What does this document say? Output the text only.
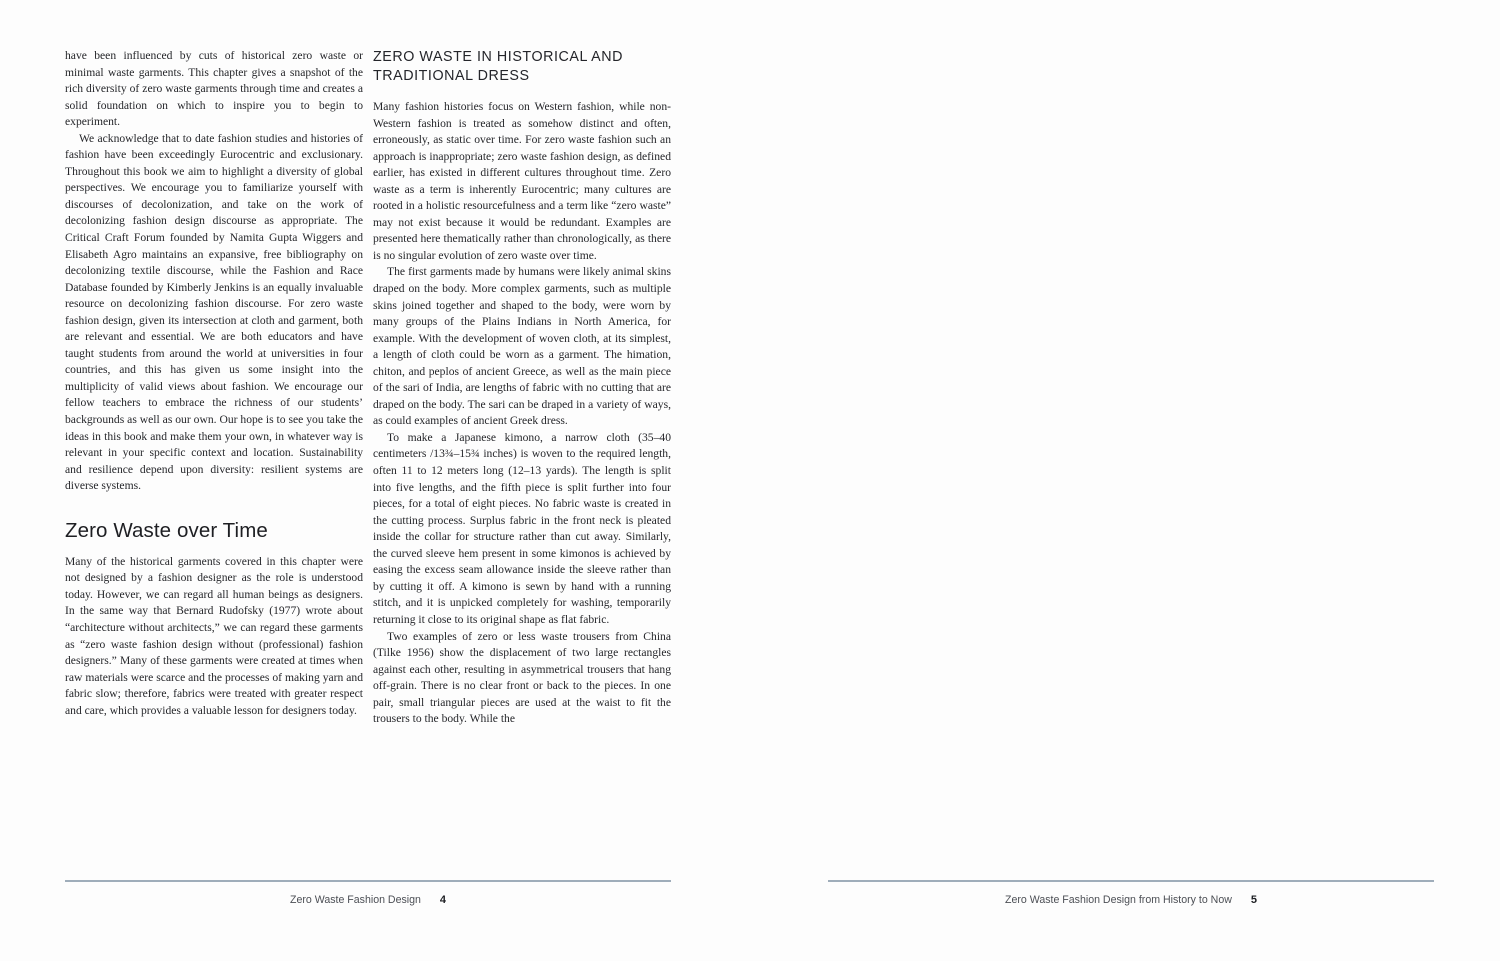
have been influenced by cuts of historical zero waste or minimal waste garments. This chapter gives a snapshot of the rich diversity of zero waste garments through time and creates a solid foundation on which to inspire you to begin to experiment.

We acknowledge that to date fashion studies and histories of fashion have been exceedingly Eurocentric and exclusionary. Throughout this book we aim to highlight a diversity of global perspectives. We encourage you to familiarize yourself with discourses of decolonization, and take on the work of decolonizing fashion design discourse as appropriate. The Critical Craft Forum founded by Namita Gupta Wiggers and Elisabeth Agro maintains an expansive, free bibliography on decolonizing textile discourse, while the Fashion and Race Database founded by Kimberly Jenkins is an equally invaluable resource on decolonizing fashion discourse. For zero waste fashion design, given its intersection at cloth and garment, both are relevant and essential. We are both educators and have taught students from around the world at universities in four countries, and this has given us some insight into the multiplicity of valid views about fashion. We encourage our fellow teachers to embrace the richness of our students’ backgrounds as well as our own. Our hope is to see you take the ideas in this book and make them your own, in whatever way is relevant in your specific context and location. Sustainability and resilience depend upon diversity: resilient systems are diverse systems.

Zero Waste over Time

Many of the historical garments covered in this chapter were not designed by a fashion designer as the role is understood today. However, we can regard all human beings as designers. In the same way that Bernard Rudofsky (1977) wrote about “architecture without architects,” we can regard these garments as “zero waste fashion design without (professional) fashion designers.” Many of these garments were created at times when raw materials were scarce and the processes of making yarn and fabric slow; therefore, fabrics were treated with greater respect and care, which provides a valuable lesson for designers today.

ZERO WASTE IN HISTORICAL AND TRADITIONAL DRESS

Many fashion histories focus on Western fashion, while non-Western fashion is treated as somehow distinct and often, erroneously, as static over time. For zero waste fashion such an approach is inappropriate; zero waste fashion design, as defined earlier, has existed in different cultures throughout time. Zero waste as a term is inherently Eurocentric; many cultures are rooted in a holistic resourcefulness and a term like “zero waste” may not exist because it would be redundant. Examples are presented here thematically rather than chronologically, as there is no singular evolution of zero waste over time.

The first garments made by humans were likely animal skins draped on the body. More complex garments, such as multiple skins joined together and shaped to the body, were worn by many groups of the Plains Indians in North America, for example. With the development of woven cloth, at its simplest, a length of cloth could be worn as a garment. The himation, chiton, and peplos of ancient Greece, as well as the main piece of the sari of India, are lengths of fabric with no cutting that are draped on the body. The sari can be draped in a variety of ways, as could examples of ancient Greek dress.

To make a Japanese kimono, a narrow cloth (35–40 centimeters /13¾–15¾ inches) is woven to the required length, often 11 to 12 meters long (12–13 yards). The length is split into five lengths, and the fifth piece is split further into four pieces, for a total of eight pieces. No fabric waste is created in the cutting process. Surplus fabric in the front neck is pleated inside the collar for structure rather than cut away. Similarly, the curved sleeve hem present in some kimonos is achieved by easing the excess seam allowance inside the sleeve rather than by cutting it off. A kimono is sewn by hand with a running stitch, and it is unpicked completely for washing, temporarily returning it close to its original shape as flat fabric.

Two examples of zero or less waste trousers from China (Tilke 1956) show the displacement of two large rectangles against each other, resulting in asymmetrical trousers that hang off-grain. There is no clear front or back to the pieces. In one pair, small triangular pieces are used at the waist to fit the trousers to the body. While the

Zero Waste Fashion Design 4
	Zero Waste Fashion Design from History to Now 5
